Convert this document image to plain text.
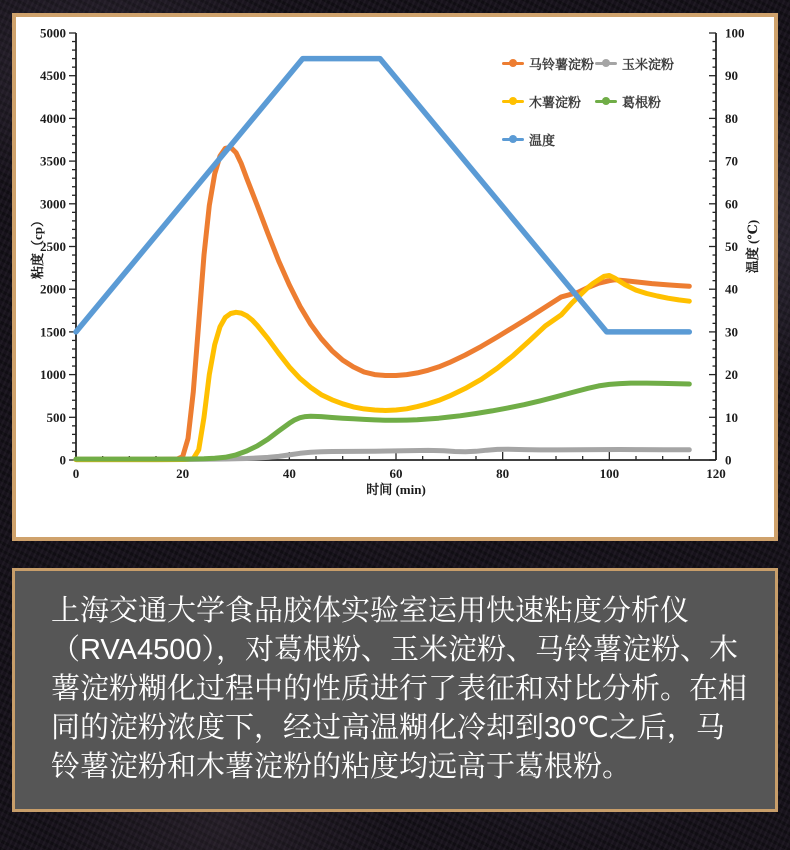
0
500
1000
1500
2000
2500
3000
3500
4000
4500
5000
0	20	40	60	80	100	120
0
10
20
30
40
50
60
70
80
90
100
时间 (min)
粘度（cp）	温度 (℃)
马铃薯淀粉 玉米淀粉
木薯淀粉	葛根粉
温度

上海交通大学食品胶体实验室运用快速粘度分析仪（RVA4500），对葛根粉、玉米淀粉、马铃薯淀粉、木薯淀粉糊化过程中的性质进行了表征和对比分析。在相同的淀粉浓度下，经过高温糊化冷却到30℃之后，马铃薯淀粉和木薯淀粉的粘度均远高于葛根粉。
